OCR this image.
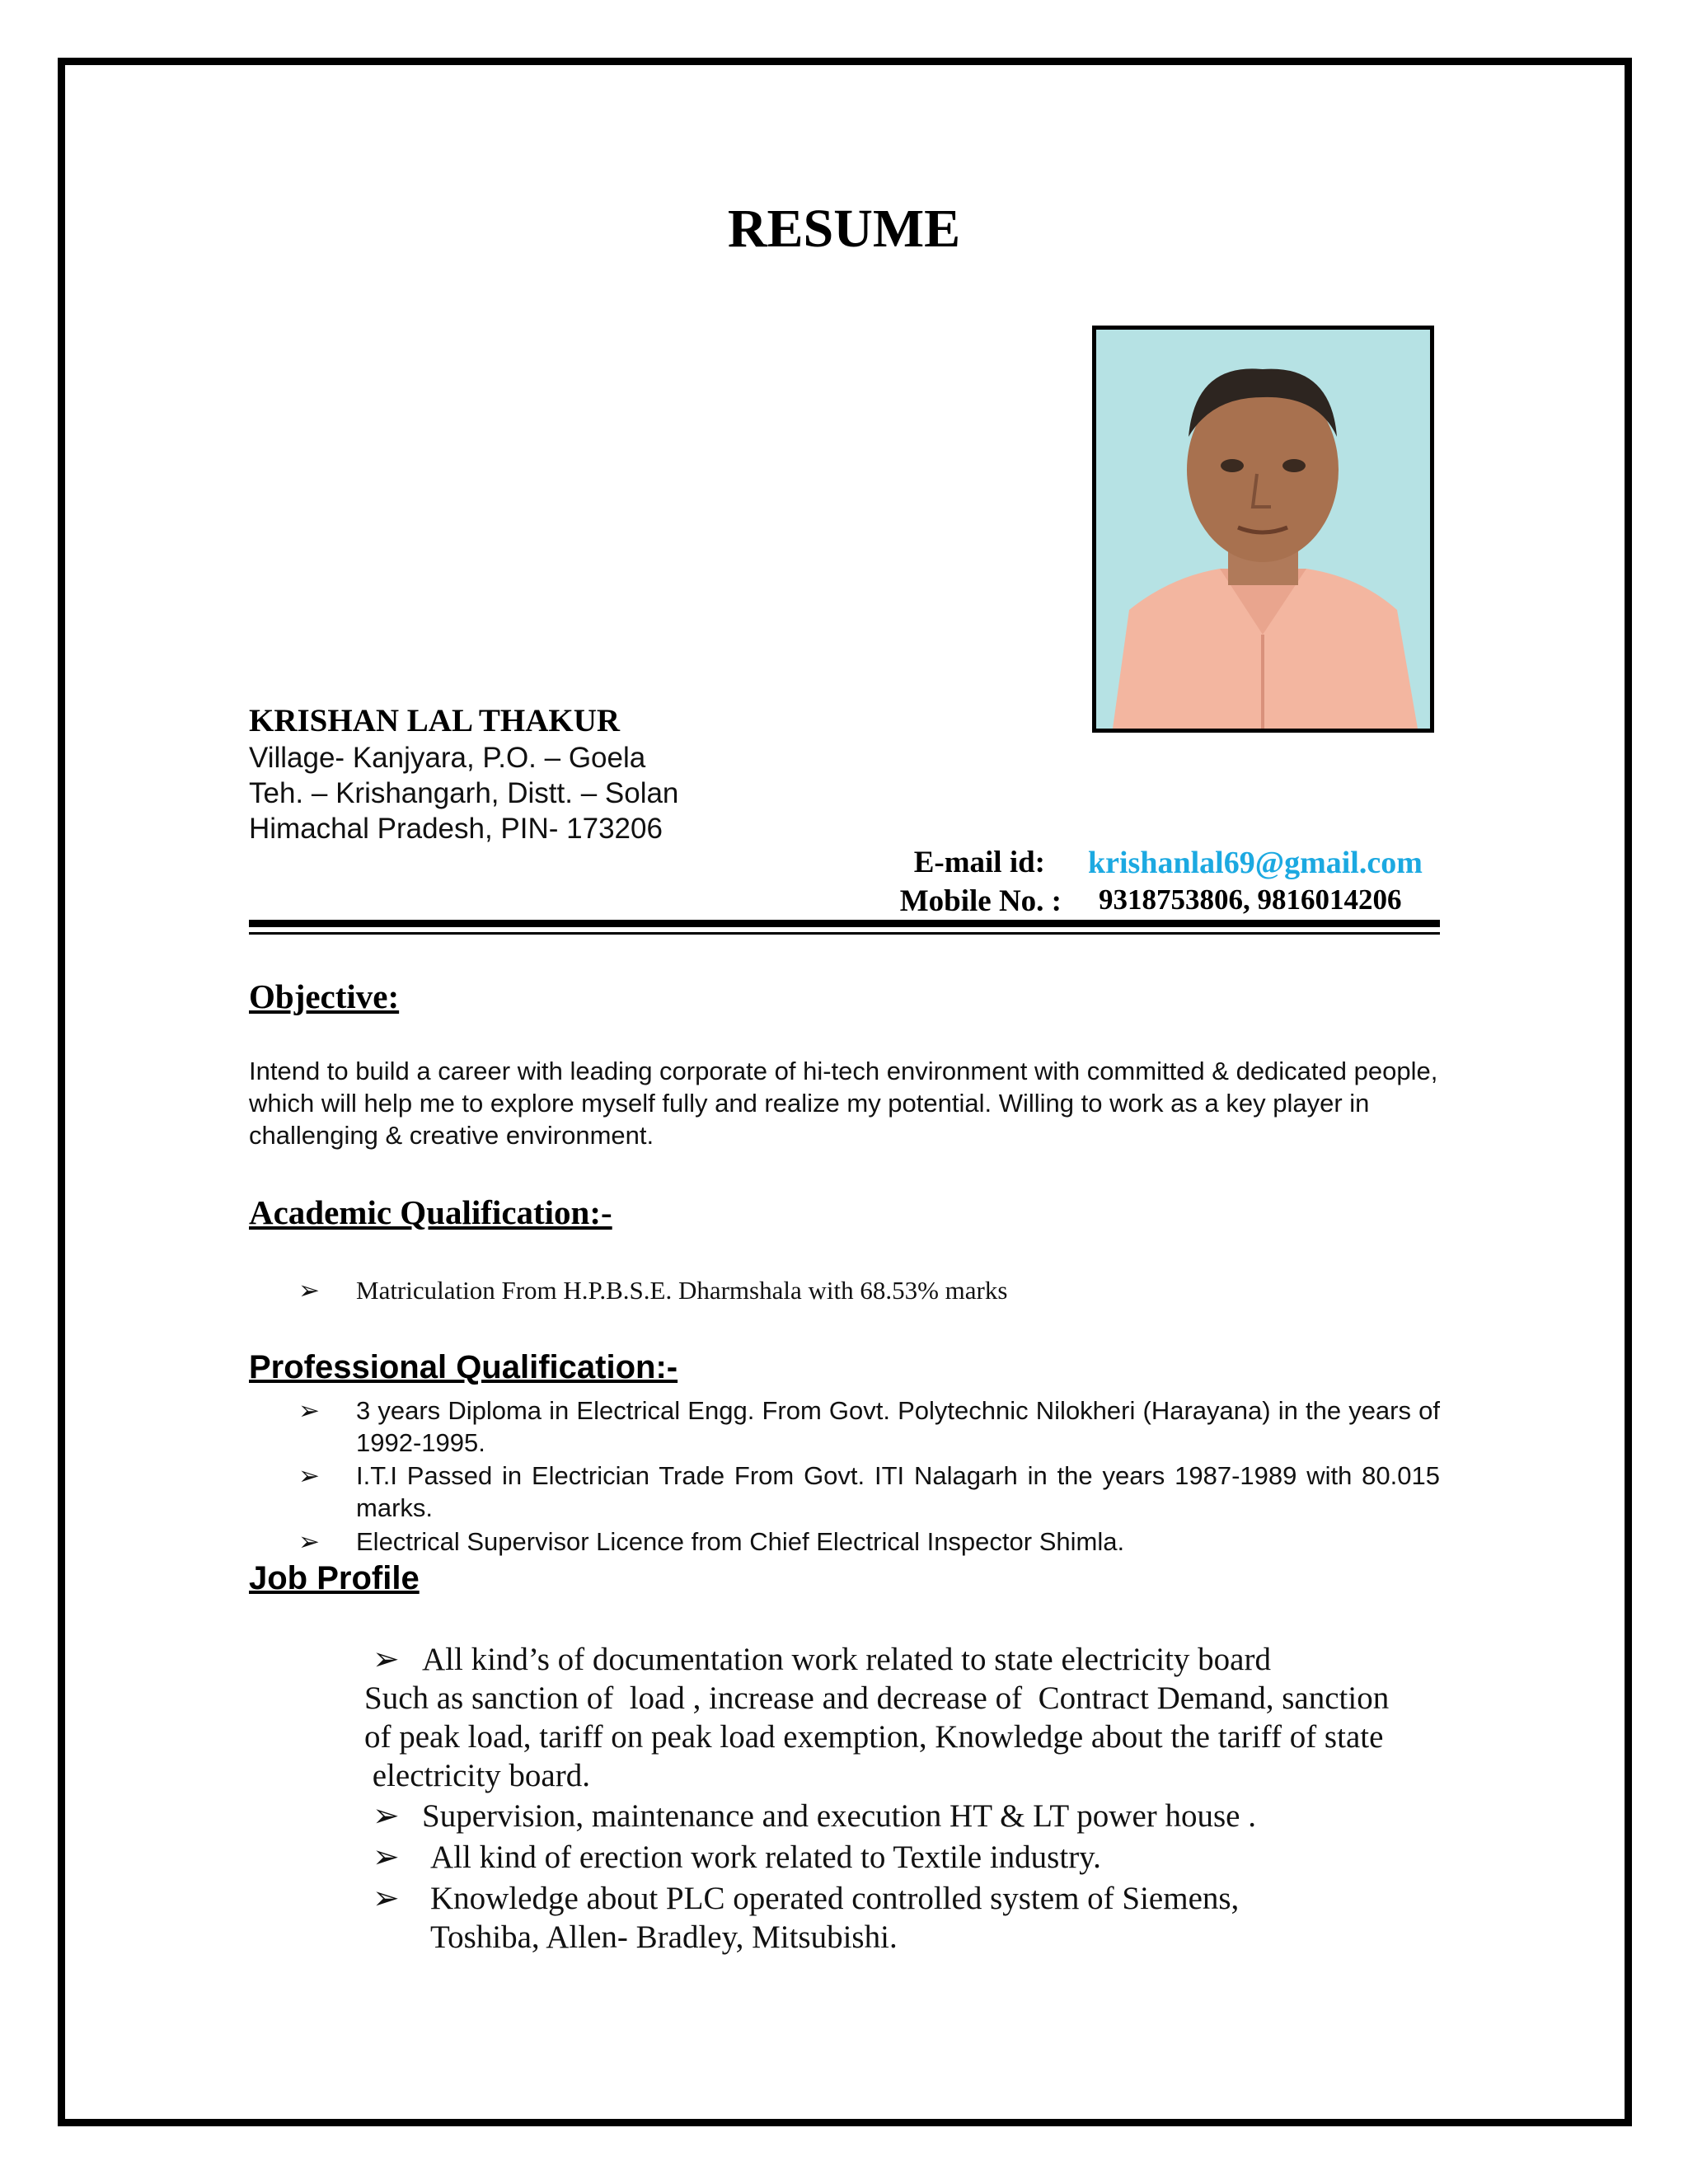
RESUME
KRISHAN LAL THAKUR
Village- Kanjyara, P.O. – Goela
Teh. – Krishangarh, Distt. – Solan
Himachal Pradesh, PIN- 173206
E-mail id: krishanlal69@gmail.com
Mobile No. : 9318753806, 9816014206
Objective:
Intend to build a career with leading corporate of hi-tech environment with committed & dedicated people, which will help me to explore myself fully and realize my potential. Willing to work as a key player in challenging & creative environment.
Academic Qualification:-
➢	Matriculation From H.P.B.S.E. Dharmshala with 68.53% marks
Professional Qualification:-
➢	3 years Diploma in Electrical Engg. From Govt. Polytechnic Nilokheri (Harayana) in the years of 1992-1995.
➢	I.T.I Passed in Electrician Trade From Govt. ITI Nalagarh in the years 1987-1989 with 80.015 marks.
➢	Electrical Supervisor Licence from Chief Electrical Inspector Shimla.
Job Profile
➢ All kind’s of documentation work related to state electricity board
Such as sanction of  load , increase and decrease of  Contract Demand, sanction
of peak load, tariff on peak load exemption, Knowledge about the tariff of state
electricity board.
➢ Supervision, maintenance and execution HT & LT power house .
➢ All kind of erection work related to Textile industry.
➢ Knowledge about PLC operated controlled system of Siemens,
Toshiba, Allen- Bradley, Mitsubishi.
